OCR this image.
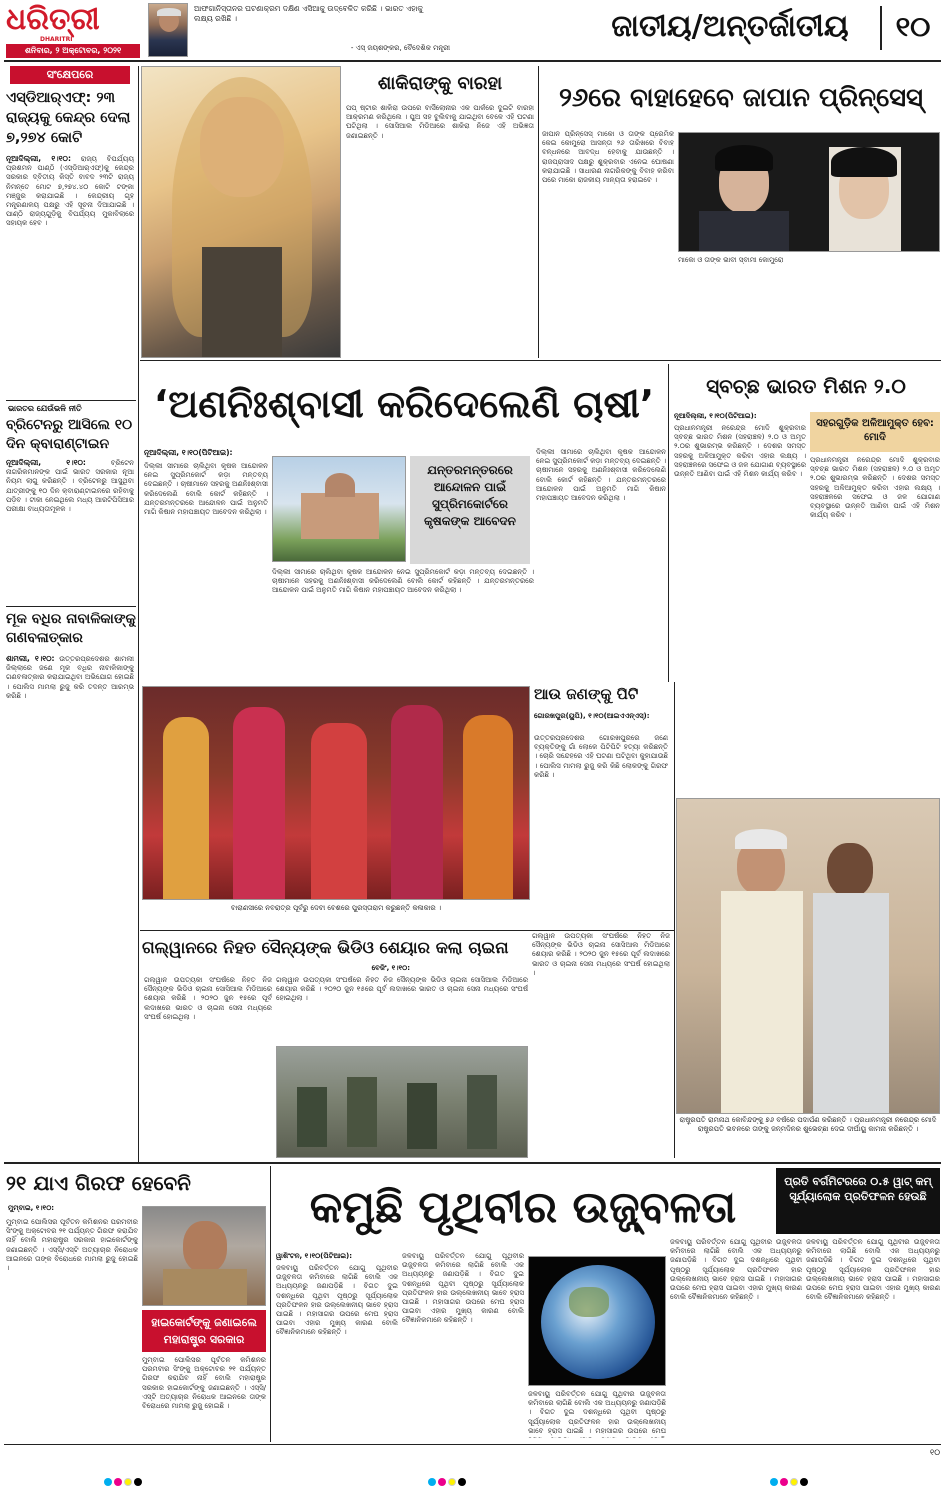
ଧରିତ୍ରୀ
DHARITRI
ଶନିବାର, ୨ ଅକ୍ଟୋବର, ୨୦୨୧
ଆଫଗାନିସ୍ତାନର ଘଟଣାକ୍ରମ ଦକ୍ଷିଣ ଏସିଆକୁ ଉଦ୍ବେଳିତ କରିଛି । ଭାରତ ଏହାକୁ ଲକ୍ଷ୍ୟ ରଖିଛି ।
- ଏସ୍ ଜୟଶଙ୍କର, ବୈଦେଶିକ ମନ୍ତ୍ରୀ
ଜାତୀୟ/ଅନ୍ତର୍ଜାତୀୟ	୧୦
ସଂକ୍ଷେପରେ
ଏସ୍‌ଡିଆର୍‌ଏଫ୍: ୨୩ ରାଜ୍ୟକୁ କେନ୍ଦ୍ର ଦେଲା ୭,୨୭୪ କୋଟି
ନୂଆଦିଲ୍ଲୀ, ୧।୧୦: ରାଜ୍ୟ ବିପର୍ଯ୍ୟୟ ପ୍ରଶମନ ପାଣ୍ଠି (ଏସ୍‌ଡିଆର୍‌ଏଫ୍)କୁ କେନ୍ଦ୍ର ସରକାର ଦ୍ବିତୀୟ କିସ୍ତି ବାବଦ ୨୩ଟି ରାଜ୍ୟ ନିମନ୍ତେ ମୋଟ ୭,୨୭୪.୪୦ କୋଟି ଟଙ୍କା ମଞ୍ଜୁର କରାଯାଇଛି । କେନ୍ଦ୍ରୀୟ ଗୃହ ମନ୍ତ୍ରଣାଳୟ ପକ୍ଷରୁ ଏହି ସୂଚନା ଦିଆଯାଇଛି । ପାଣ୍ଠି ରାଜ୍ୟଗୁଡ଼ିକୁ ବିପର୍ଯ୍ୟୟ ମୁକାବିଲାରେ ସହାୟକ ହେବ ।
ଭାରତର ଯେଉଁଭଳି ନୀତି
ବ୍ରିଟେନରୁ ଆସିଲେ ୧୦ ଦିନ କ୍ବାରାଣ୍ଟାଇନ
ନୂଆଦିଲ୍ଲୀ, ୧।୧୦:	ବ୍ରିଟେନ ନାଗରିକମାନଙ୍କ ପାଇଁ ଭାରତ ସରକାର ନୂଆ ନିୟମ ଲାଗୁ କରିଛନ୍ତି । ବ୍ରିଟେନରୁ ଆସୁଥିବା ଯାତ୍ରୀଙ୍କୁ ୧୦ ଦିନ କ୍ବାରାଣ୍ଟାଇନରେ ରହିବାକୁ ପଡ଼ିବ । ଟୀକା ନେଇଥିଲେ ମଧ୍ୟ ଆରଟିପିସିଆର ପରୀକ୍ଷା ବାଧ୍ୟତାମୂଳକ ।
ମୂକ ବଧିର ନାବାଳିକାଙ୍କୁ ଗଣବଳାତ୍କାର
ଶାମଲୀ, ୧।୧୦: ଉତ୍ତରପ୍ରଦେଶର ଶାମଲୀ ଜିଲ୍ଲାରେ ଜଣେ ମୂକ ବଧିର ନାବାଳିକାଙ୍କୁ ଗଣବଳାତ୍କାର କରାଯାଇଥିବା ଅଭିଯୋଗ ହୋଇଛି । ପୋଲିସ ମାମଲା ରୁଜୁ କରି ତଦନ୍ତ ଆରମ୍ଭ କରିଛି ।
ଶାକିରାଙ୍କୁ ବାରହା
ପପ୍ ଷ୍ଟାର ଶାକିରା ଉପରେ ବାର୍ସିଲୋନାର ଏକ ପାର୍କରେ ଦୁଇଟି ବାରହା ଆକ୍ରମଣ କରିଥିଲେ । ପୁଅ ସହ ବୁଲିବାକୁ ଯାଇଥିବା ବେଳେ ଏହି ଘଟଣା ଘଟିଥିଲା । ସୋସିଆଲ ମିଡିଆରେ ଶାକିରା ନିଜେ ଏହି ଅଭିଜ୍ଞତା ଜଣାଇଛନ୍ତି ।
୨୬ରେ ବାହାହେବେ ଜାପାନ ପ୍ରିନ୍‌ସେସ୍
ଜାପାନ ପ୍ରିନ୍‌ସେସ୍ ମାକୋ ଓ ତାଙ୍କ ପ୍ରେମିକ କେଇ କୋମୁରୋ ଆସନ୍ତା ୨୬ ତାରିଖରେ ବିବାହ ବନ୍ଧନରେ ଆବଦ୍ଧ ହେବାକୁ ଯାଉଛନ୍ତି । ରାଜପ୍ରାସାଦ ପକ୍ଷରୁ ଶୁକ୍ରବାର ଏନେଇ ଘୋଷଣା କରାଯାଇଛି । ସାଧାରଣ ନାଗରିକଙ୍କୁ ବିବାହ କରିବା ପରେ ମାକୋ ରାଜକୀୟ ମାନ୍ୟତା ହରାଇବେ ।
ମାକୋ ଓ ତାଙ୍କ ଭାବୀ ସ୍ବାମୀ କୋମୁରୋ
‘ଅଣନିଃଶ୍ବାସୀ କରିଦେଲେଣି ଚାଷୀ’
ନୂଆଦିଲ୍ଲୀ, ୧।୧୦(ପିଟିଆଇ):
ଯନ୍ତରମନ୍ତରରେ ଆନ୍ଦୋଳନ ପାଇଁ ସୁପ୍ରିମକୋର୍ଟରେ କୃଷକଙ୍କ ଆବେଦନ
ଦିଲ୍ଲୀ ସୀମାରେ ଚାଲିଥିବା କୃଷକ ଆନ୍ଦୋଳନ ନେଇ ସୁପ୍ରିମକୋର୍ଟ କଡ଼ା ମନ୍ତବ୍ୟ ଦେଇଛନ୍ତି । ଚାଷୀମାନେ ସହରକୁ ଅଣନିଃଶ୍ବାସୀ କରିଦେଲେଣି ବୋଲି କୋର୍ଟ କହିଛନ୍ତି । ଯନ୍ତରମନ୍ତରରେ ଆନ୍ଦୋଳନ ପାଇଁ ଅନୁମତି ମାଗି କିଷାନ ମହାପଞ୍ଚାୟତ ଆବେଦନ କରିଥିଲା ।
ଦିଲ୍ଲୀ ସୀମାରେ ଚାଲିଥିବା କୃଷକ ଆନ୍ଦୋଳନ ନେଇ ସୁପ୍ରିମକୋର୍ଟ କଡ଼ା ମନ୍ତବ୍ୟ ଦେଇଛନ୍ତି । ଚାଷୀମାନେ ସହରକୁ ଅଣନିଃଶ୍ବାସୀ କରିଦେଲେଣି ବୋଲି କୋର୍ଟ କହିଛନ୍ତି । ଯନ୍ତରମନ୍ତରରେ ଆନ୍ଦୋଳନ ପାଇଁ ଅନୁମତି ମାଗି କିଷାନ ମହାପଞ୍ଚାୟତ ଆବେଦନ କରିଥିଲା ।
ଦିଲ୍ଲୀ ସୀମାରେ ଚାଲିଥିବା କୃଷକ ଆନ୍ଦୋଳନ ନେଇ ସୁପ୍ରିମକୋର୍ଟ କଡ଼ା ମନ୍ତବ୍ୟ ଦେଇଛନ୍ତି । ଚାଷୀମାନେ ସହରକୁ ଅଣନିଃଶ୍ବାସୀ କରିଦେଲେଣି ବୋଲି କୋର୍ଟ କହିଛନ୍ତି । ଯନ୍ତରମନ୍ତରରେ ଆନ୍ଦୋଳନ ପାଇଁ ଅନୁମତି ମାଗି କିଷାନ ମହାପଞ୍ଚାୟତ ଆବେଦନ କରିଥିଲା ।
ବାରାଣସୀରେ ନବରାତ୍ର ପୂର୍ବରୁ ଦେବୀ ବେଶରେ ପୁରସ୍ତାରାମ କରୁଛନ୍ତି କଳାକାର ।
ଆଉ ଜଣଙ୍କୁ ପିଟି
ଗୋରଖପୁର(ୟୁପି), ୧।୧୦(ଆଇଏଏନ୍‌ଏସ୍):
ଉତ୍ତରପ୍ରଦେଶର ଗୋରଖପୁରରେ ଜଣେ ବ୍ୟକ୍ତିଙ୍କୁ ଗାଁ ଲୋକେ ପିଟିପିଟି ହତ୍ୟା କରିଛନ୍ତି । ଚୋରି ସନ୍ଦେହରେ ଏହି ଘଟଣା ଘଟିଥିବା କୁହାଯାଉଛି । ପୋଲିସ ମାମଲା ରୁଜୁ କରି କିଛି ଲୋକଙ୍କୁ ଗିରଫ କରିଛି ।
ସ୍ବଚ୍ଛ ଭାରତ ମିଶନ ୨.୦
ନୂଆଦିଲ୍ଲୀ, ୧।୧୦(ପିଟିଆଇ):
ସହରଗୁଡ଼ିକ ଅଳିଆମୁକ୍ତ ହେବ: ମୋଦି
ପ୍ରଧାନମନ୍ତ୍ରୀ ନରେନ୍ଦ୍ର ମୋଦି ଶୁକ୍ରବାର ସ୍ବଚ୍ଛ ଭାରତ ମିଶନ (ସହରାଞ୍ଚଳ) ୨.୦ ଓ ଅମୃତ ୨.୦ର ଶୁଭାରମ୍ଭ କରିଛନ୍ତି । ଦେଶର ସମସ୍ତ ସହରକୁ ଅଳିଆମୁକ୍ତ କରିବା ଏହାର ଲକ୍ଷ୍ୟ । ସହରାଞ୍ଚଳରେ ସଫେଇ ଓ ଜଳ ଯୋଗାଣ ବ୍ୟବସ୍ଥାରେ ଉନ୍ନତି ଆଣିବା ପାଇଁ ଏହି ମିଶନ କାର୍ଯ୍ୟ କରିବ ।
ପ୍ରଧାନମନ୍ତ୍ରୀ ନରେନ୍ଦ୍ର ମୋଦି ଶୁକ୍ରବାର ସ୍ବଚ୍ଛ ଭାରତ ମିଶନ (ସହରାଞ୍ଚଳ) ୨.୦ ଓ ଅମୃତ ୨.୦ର ଶୁଭାରମ୍ଭ କରିଛନ୍ତି । ଦେଶର ସମସ୍ତ ସହରକୁ ଅଳିଆମୁକ୍ତ କରିବା ଏହାର ଲକ୍ଷ୍ୟ । ସହରାଞ୍ଚଳରେ ସଫେଇ ଓ ଜଳ ଯୋଗାଣ ବ୍ୟବସ୍ଥାରେ ଉନ୍ନତି ଆଣିବା ପାଇଁ ଏହି ମିଶନ କାର୍ଯ୍ୟ କରିବ ।
ରାଷ୍ଟ୍ରପତି ରାମନାଥ କୋବିନ୍ଦଙ୍କୁ ୭୬ ବର୍ଷରେ ପଦାର୍ପଣ କରିଛନ୍ତି । ପ୍ରଧାନମନ୍ତ୍ରୀ ନରେନ୍ଦ୍ର ମୋଦି ରାଷ୍ଟ୍ରପତି ଭବନରେ ତାଙ୍କୁ ଜନ୍ମଦିନର ଶୁଭେଚ୍ଛା ଦେଇ ଦୀର୍ଘାୟୁ କାମନା କରିଛନ୍ତି ।
ଗଲ୍‌ୱାନରେ ନିହତ ସୈନ୍ୟଙ୍କ ଭିଡିଓ ଶେୟାର କଲା ଚାଇନା
ବେଜିଂ, ୧।୧୦:
ଗଲ୍‌ୱାନ ଉପତ୍ୟକା ସଂଘର୍ଷରେ ନିହତ ନିଜ ସୈନ୍ୟଙ୍କ ଭିଡିଓ ଚାଇନା ସୋସିଆଲ ମିଡିଆରେ ଶେୟାର କରିଛି । ୨୦୨୦ ଜୁନ ୧୫ରେ ପୂର୍ବ ଲଦାଖରେ ଭାରତ ଓ ଚାଇନା ସେନା ମଧ୍ୟରେ ସଂଘର୍ଷ ହୋଇଥିଲା ।
ଗଲ୍‌ୱାନ ଉପତ୍ୟକା ସଂଘର୍ଷରେ ନିହତ ନିଜ ସୈନ୍ୟଙ୍କ ଭିଡିଓ ଚାଇନା ସୋସିଆଲ ମିଡିଆରେ ଶେୟାର କରିଛି । ୨୦୨୦ ଜୁନ ୧୫ରେ ପୂର୍ବ ଲଦାଖରେ ଭାରତ ଓ ଚାଇନା ସେନା ମଧ୍ୟରେ ସଂଘର୍ଷ ହୋଇଥିଲା ।
ଗଲ୍‌ୱାନ ଉପତ୍ୟକା ସଂଘର୍ଷରେ ନିହତ ନିଜ ସୈନ୍ୟଙ୍କ ଭିଡିଓ ଚାଇନା ସୋସିଆଲ ମିଡିଆରେ ଶେୟାର କରିଛି । ୨୦୨୦ ଜୁନ ୧୫ରେ ପୂର୍ବ ଲଦାଖରେ ଭାରତ ଓ ଚାଇନା ସେନା ମଧ୍ୟରେ ସଂଘର୍ଷ ହୋଇଥିଲା ।
୨୧ ଯାଏ ଗିରଫ ହେବେନି
ମୁମ୍ବାଇ, ୧।୧୦:
ହାଇକୋର୍ଟଙ୍କୁ ଜଣାଇଲେ ମହାରାଷ୍ଟ୍ର ସରକାର
ମୁମ୍ବାଇ ପୋଲିସର ପୂର୍ବତନ କମିଶନର ପରମବୀର ସିଂଙ୍କୁ ଅକ୍ଟୋବର ୨୧ ପର୍ଯ୍ୟନ୍ତ ଗିରଫ କରାଯିବ ନାହିଁ ବୋଲି ମହାରାଷ୍ଟ୍ର ସରକାର ହାଇକୋର୍ଟଙ୍କୁ ଜଣାଇଛନ୍ତି । ଏସ୍‌ସି/ଏସ୍‌ଟି ଅତ୍ୟାଚାର ନିରୋଧକ ଆଇନରେ ତାଙ୍କ ବିରୋଧରେ ମାମଲା ରୁଜୁ ହୋଇଛି ।
ମୁମ୍ବାଇ ପୋଲିସର ପୂର୍ବତନ କମିଶନର ପରମବୀର ସିଂଙ୍କୁ ଅକ୍ଟୋବର ୨୧ ପର୍ଯ୍ୟନ୍ତ ଗିରଫ କରାଯିବ ନାହିଁ ବୋଲି ମହାରାଷ୍ଟ୍ର ସରକାର ହାଇକୋର୍ଟଙ୍କୁ ଜଣାଇଛନ୍ତି । ଏସ୍‌ସି/ଏସ୍‌ଟି ଅତ୍ୟାଚାର ନିରୋଧକ ଆଇନରେ ତାଙ୍କ ବିରୋଧରେ ମାମଲା ରୁଜୁ ହୋଇଛି ।
କମୁଛି ପୃଥିବୀର ଉଜ୍ଜ୍ବଳତା
ପ୍ରତି ବର୍ଗମିଟରରେ ୦.୫ ୱାଟ୍ କମ୍ ସୂର୍ଯ୍ୟାଲୋକ ପ୍ରତିଫଳନ ହେଉଛି
ୱାଶିଂଟନ, ୧।୧୦(ପିଟିଆଇ):
ଜଳବାୟୁ ପରିବର୍ତ୍ତନ ଯୋଗୁ ପୃଥିବୀର ଉଜ୍ଜ୍ବଳତା କମିବାରେ ଲାଗିଛି ବୋଲି ଏକ ଅଧ୍ୟୟନରୁ ଜଣାପଡ଼ିଛି । ବିଗତ ଦୁଇ ଦଶନ୍ଧିରେ ପୃଥିବୀ ପୃଷ୍ଠରୁ ସୂର୍ଯ୍ୟାଲୋକ ପ୍ରତିଫଳନ ହାର ଉଲ୍ଲେଖନୀୟ ଭାବେ ହ୍ରାସ ପାଇଛି । ମହାସାଗର ଉପରେ ମେଘ ହ୍ରାସ ପାଇବା ଏହାର ମୁଖ୍ୟ କାରଣ ବୋଲି ବୈଜ୍ଞାନିକମାନେ କହିଛନ୍ତି ।
ଜଳବାୟୁ ପରିବର୍ତ୍ତନ ଯୋଗୁ ପୃଥିବୀର ଉଜ୍ଜ୍ବଳତା କମିବାରେ ଲାଗିଛି ବୋଲି ଏକ ଅଧ୍ୟୟନରୁ ଜଣାପଡ଼ିଛି । ବିଗତ ଦୁଇ ଦଶନ୍ଧିରେ ପୃଥିବୀ ପୃଷ୍ଠରୁ ସୂର୍ଯ୍ୟାଲୋକ ପ୍ରତିଫଳନ ହାର ଉଲ୍ଲେଖନୀୟ ଭାବେ ହ୍ରାସ ପାଇଛି । ମହାସାଗର ଉପରେ ମେଘ ହ୍ରାସ ପାଇବା ଏହାର ମୁଖ୍ୟ କାରଣ ବୋଲି ବୈଜ୍ଞାନିକମାନେ କହିଛନ୍ତି ।
ଜଳବାୟୁ ପରିବର୍ତ୍ତନ ଯୋଗୁ ପୃଥିବୀର ଉଜ୍ଜ୍ବଳତା କମିବାରେ ଲାଗିଛି ବୋଲି ଏକ ଅଧ୍ୟୟନରୁ ଜଣାପଡ଼ିଛି । ବିଗତ ଦୁଇ ଦଶନ୍ଧିରେ ପୃଥିବୀ ପୃଷ୍ଠରୁ ସୂର୍ଯ୍ୟାଲୋକ ପ୍ରତିଫଳନ ହାର ଉଲ୍ଲେଖନୀୟ ଭାବେ ହ୍ରାସ ପାଇଛି । ମହାସାଗର ଉପରେ ମେଘ
ଜଳବାୟୁ ପରିବର୍ତ୍ତନ ଯୋଗୁ ପୃଥିବୀର ଉଜ୍ଜ୍ବଳତା କମିବାରେ ଲାଗିଛି ବୋଲି ଏକ ଅଧ୍ୟୟନରୁ ଜଣାପଡ଼ିଛି । ବିଗତ ଦୁଇ ଦଶନ୍ଧିରେ ପୃଥିବୀ ପୃଷ୍ଠରୁ ସୂର୍ଯ୍ୟାଲୋକ ପ୍ରତିଫଳନ ହାର ଉଲ୍ଲେଖନୀୟ ଭାବେ ହ୍ରାସ ପାଇଛି । ମହାସାଗର ଉପରେ ମେଘ ହ୍ରାସ ପାଇବା ଏହାର ମୁଖ୍ୟ କାରଣ ବୋଲି ବୈଜ୍ଞାନିକମାନେ କହିଛନ୍ତି ।
ଜଳବାୟୁ ପରିବର୍ତ୍ତନ ଯୋଗୁ ପୃଥିବୀର ଉଜ୍ଜ୍ବଳତା କମିବାରେ ଲାଗିଛି ବୋଲି ଏକ ଅଧ୍ୟୟନରୁ ଜଣାପଡ଼ିଛି । ବିଗତ ଦୁଇ ଦଶନ୍ଧିରେ ପୃଥିବୀ ପୃଷ୍ଠରୁ ସୂର୍ଯ୍ୟାଲୋକ ପ୍ରତିଫଳନ ହାର ଉଲ୍ଲେଖନୀୟ ଭାବେ ହ୍ରାସ ପାଇଛି । ମହାସାଗର ଉପରେ ମେଘ ହ୍ରାସ ପାଇବା ଏହାର ମୁଖ୍ୟ କାରଣ ବୋଲି ବୈଜ୍ଞାନିକମାନେ କହିଛନ୍ତି ।
୧୦
